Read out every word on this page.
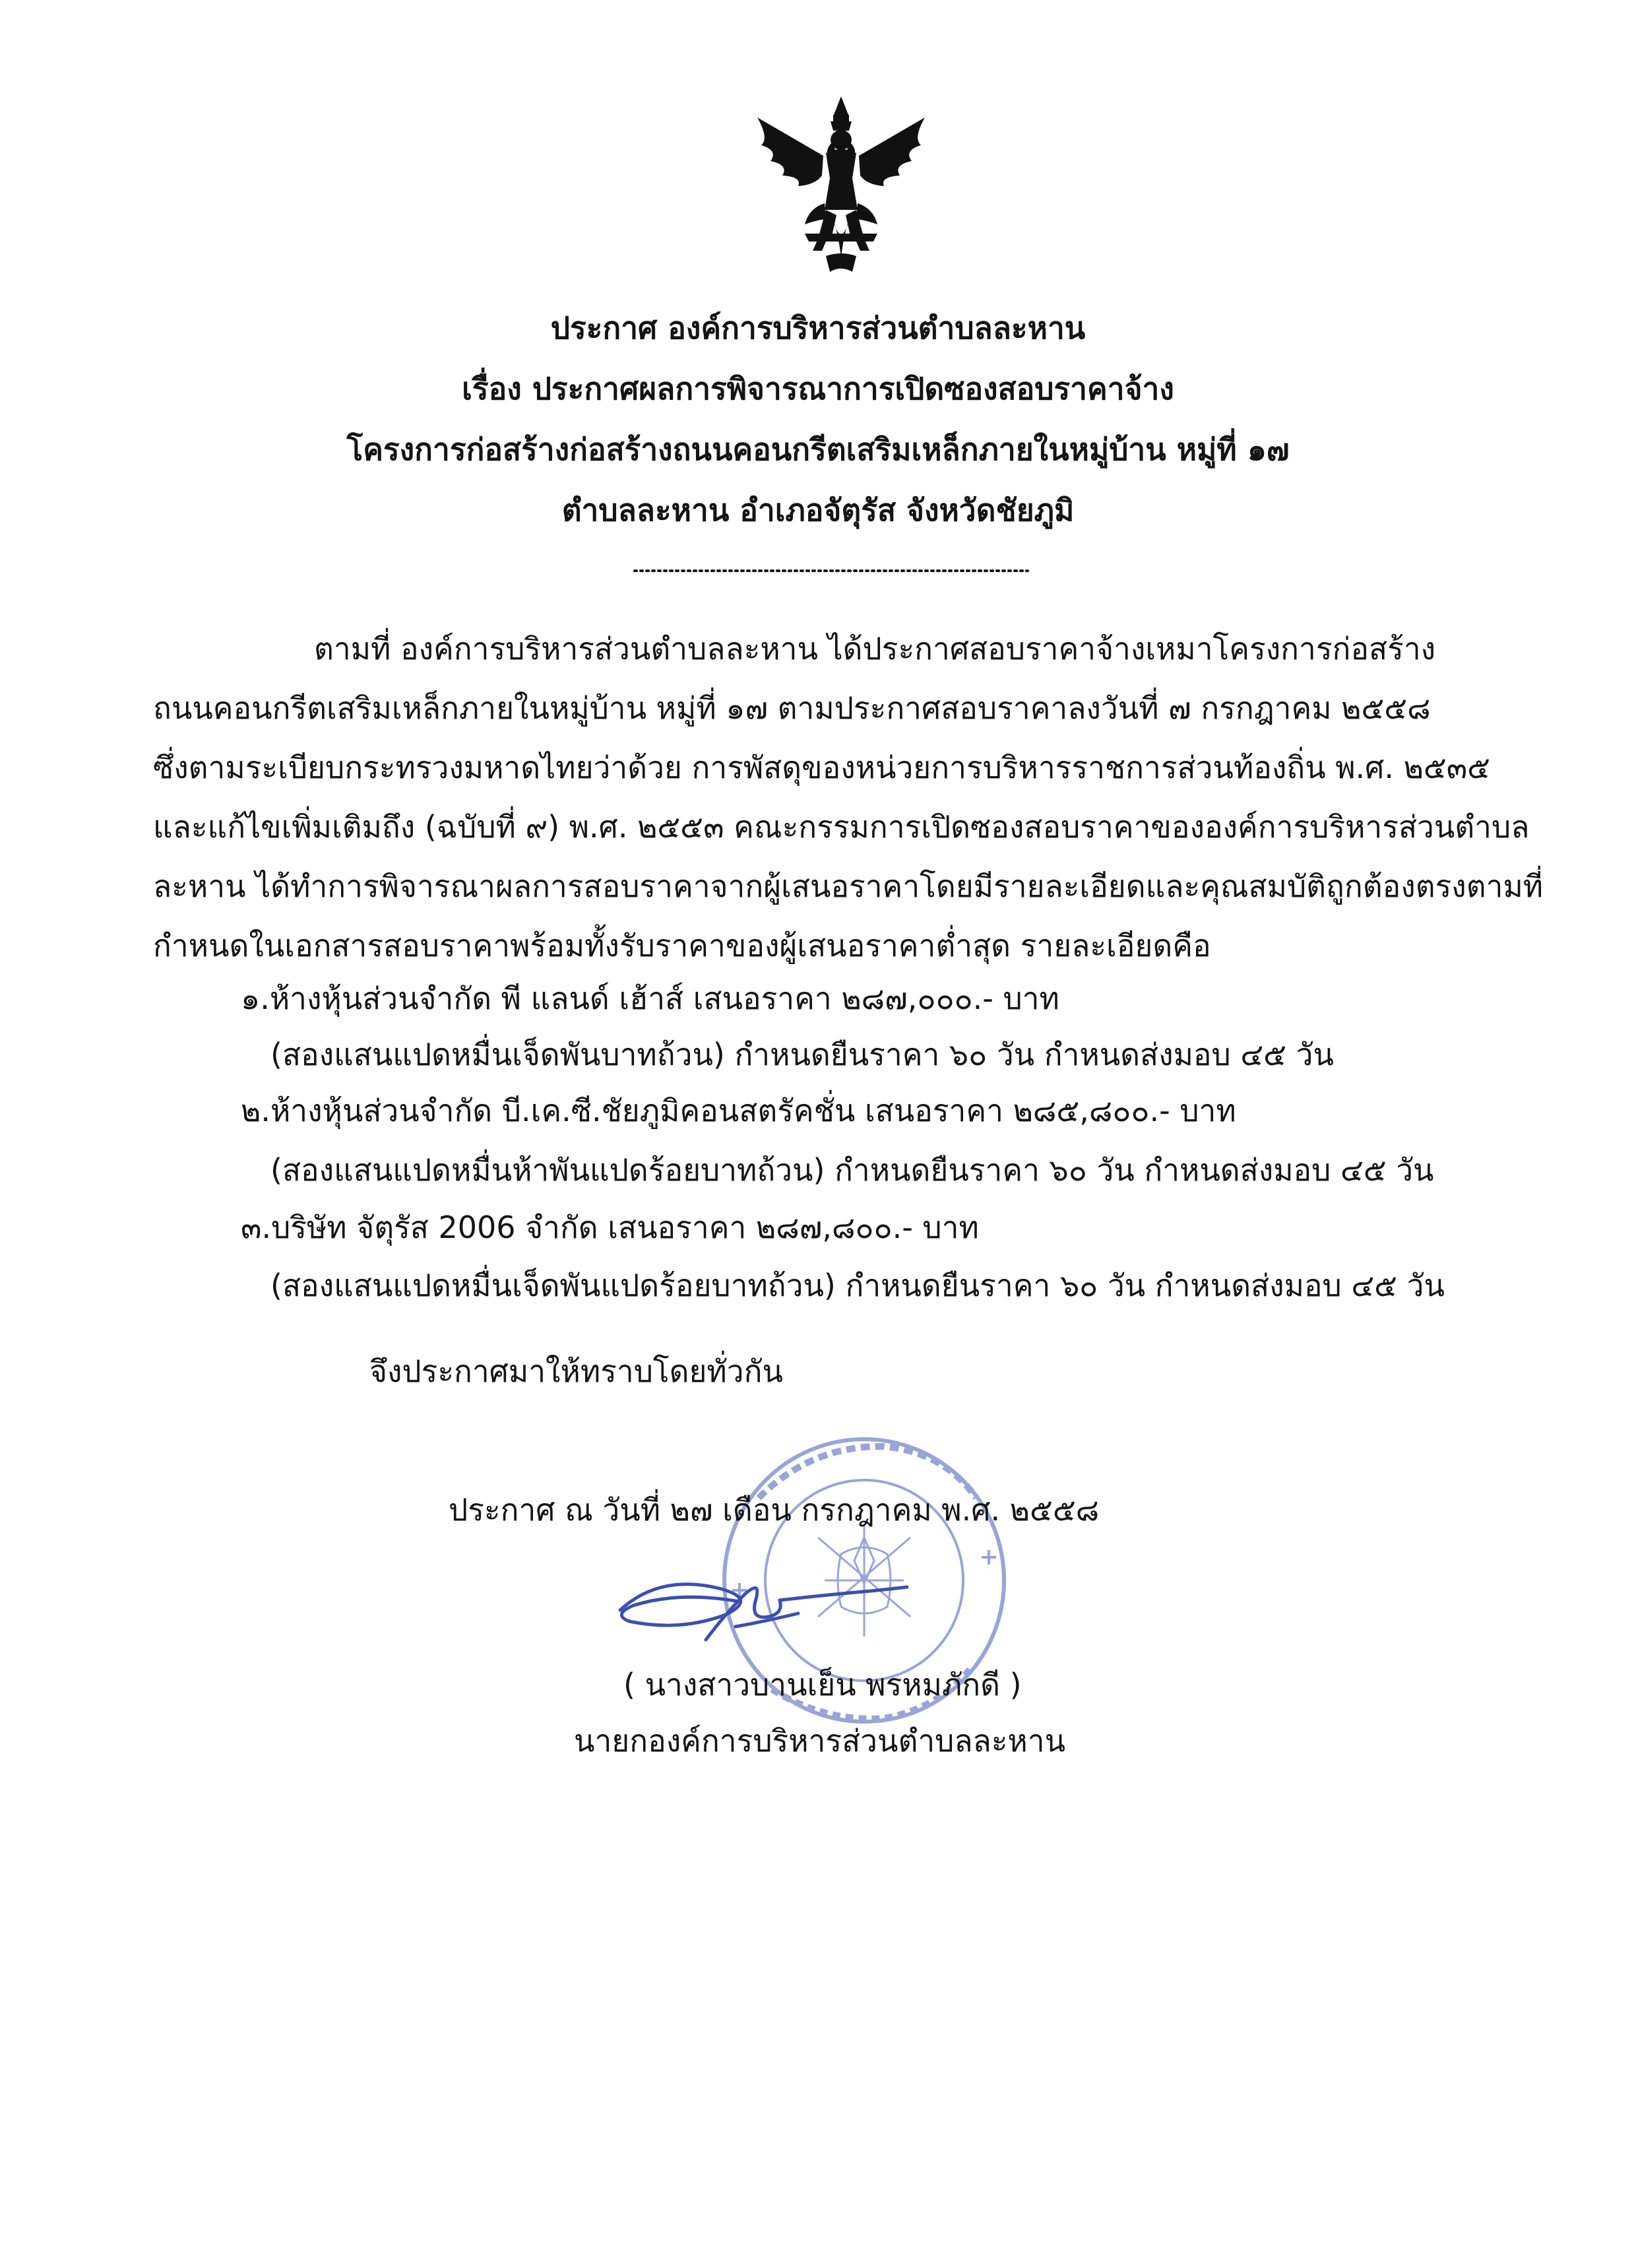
ประกาศ องค์การบริหารส่วนตำบลละหาน
เรื่อง ประกาศผลการพิจารณาการเปิดซองสอบราคาจ้าง
โครงการก่อสร้างก่อสร้างถนนคอนกรีตเสริมเหล็กภายในหมู่บ้าน หมู่ที่ ๑๗
ตำบลละหาน อำเภอจัตุรัส จังหวัดชัยภูมิ
ตามที่ องค์การบริหารส่วนตำบลละหาน ได้ประกาศสอบราคาจ้างเหมาโครงการก่อสร้าง
ถนนคอนกรีตเสริมเหล็กภายในหมู่บ้าน หมู่ที่ ๑๗ ตามประกาศสอบราคาลงวันที่ ๗ กรกฎาคม ๒๕๕๘
ซึ่งตามระเบียบกระทรวงมหาดไทยว่าด้วย การพัสดุของหน่วยการบริหารราชการส่วนท้องถิ่น พ.ศ. ๒๕๓๕
และแก้ไขเพิ่มเติมถึง (ฉบับที่ ๙) พ.ศ. ๒๕๕๓ คณะกรรมการเปิดซองสอบราคาขององค์การบริหารส่วนตำบล
ละหาน ได้ทำการพิจารณาผลการสอบราคาจากผู้เสนอราคาโดยมีรายละเอียดและคุณสมบัติถูกต้องตรงตามที่
กำหนดในเอกสารสอบราคาพร้อมทั้งรับราคาของผู้เสนอราคาต่ำสุด รายละเอียดคือ
๑.ห้างหุ้นส่วนจำกัด พี แลนด์ เฮ้าส์ เสนอราคา ๒๘๗,๐๐๐.- บาท
(สองแสนแปดหมื่นเจ็ดพันบาทถ้วน) กำหนดยืนราคา ๖๐ วัน กำหนดส่งมอบ ๔๕ วัน
๒.ห้างหุ้นส่วนจำกัด บี.เค.ซี.ชัยภูมิคอนสตรัคชั่น เสนอราคา ๒๘๕,๘๐๐.- บาท
(สองแสนแปดหมื่นห้าพันแปดร้อยบาทถ้วน) กำหนดยืนราคา ๖๐ วัน กำหนดส่งมอบ ๔๕ วัน
๓.บริษัท จัตุรัส 2006 จำกัด เสนอราคา ๒๘๗,๘๐๐.- บาท
(สองแสนแปดหมื่นเจ็ดพันแปดร้อยบาทถ้วน) กำหนดยืนราคา ๖๐ วัน กำหนดส่งมอบ ๔๕ วัน
จึงประกาศมาให้ทราบโดยทั่วกัน
ประกาศ ณ วันที่ ๒๗ เดือน กรกฎาคม พ.ศ. ๒๕๕๘
( นางสาวบานเย็น พรหมภักดี )
นายกองค์การบริหารส่วนตำบลละหาน
